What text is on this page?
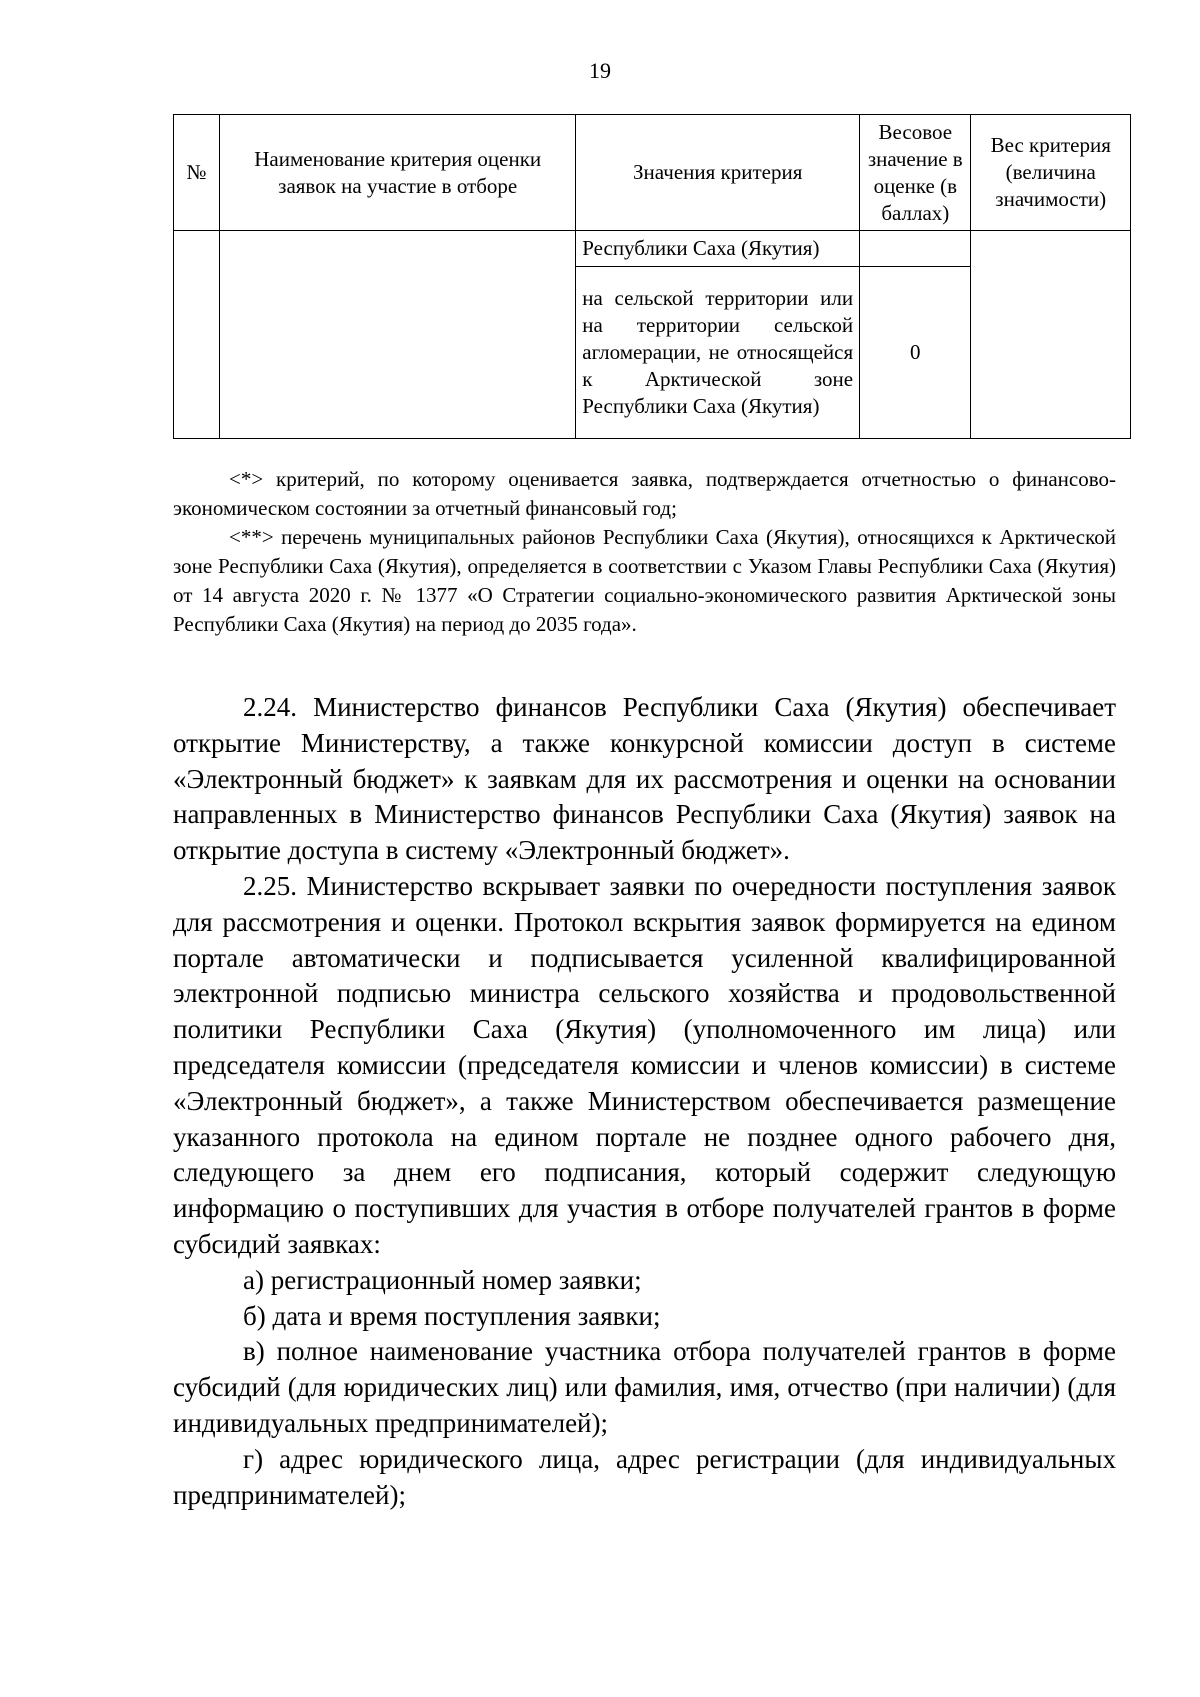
19
№	Наименование критерия оценки заявок на участие в отборе	Значения критерия	Весовое значение в оценке (в баллах)	Вес критерия (величина значимости)
		Республики Саха (Якутия)		
		на сельской территории или на территории сельской агломерации, не относящейся к Арктической зоне Республики Саха (Якутия)	0	

<*> критерий, по которому оценивается заявка, подтверждается отчетностью о финансово-экономическом состоянии за отчетный финансовый год;

<**> перечень муниципальных районов Республики Саха (Якутия), относящихся к Арктической зоне Республики Саха (Якутия), определяется в соответствии с Указом Главы Республики Саха (Якутия) от 14 августа 2020 г. № 1377 «О Стратегии социально-экономического развития Арктической зоны Республики Саха (Якутия) на период до 2035 года».

2.24. Министерство финансов Республики Саха (Якутия) обеспечивает открытие Министерству, а также конкурсной комиссии доступ в системе «Электронный бюджет» к заявкам для их рассмотрения и оценки на основании направленных в Министерство финансов Республики Саха (Якутия) заявок на открытие доступа в систему «Электронный бюджет».

2.25. Министерство вскрывает заявки по очередности поступления заявок для рассмотрения и оценки. Протокол вскрытия заявок формируется на едином портале автоматически и подписывается усиленной квалифицированной электронной подписью министра сельского хозяйства и продовольственной политики Республики Саха (Якутия) (уполномоченного им лица) или председателя комиссии (председателя комиссии и членов комиссии) в системе «Электронный бюджет», а также Министерством обеспечивается размещение указанного протокола на едином портале не позднее одного рабочего дня, следующего за днем его подписания, который содержит следующую информацию о поступивших для участия в отборе получателей грантов в форме субсидий заявках:

а) регистрационный номер заявки;

б) дата и время поступления заявки;

в) полное наименование участника отбора получателей грантов в форме субсидий (для юридических лиц) или фамилия, имя, отчество (при наличии) (для индивидуальных предпринимателей);

г) адрес юридического лица, адрес регистрации (для индивидуальных предпринимателей);
